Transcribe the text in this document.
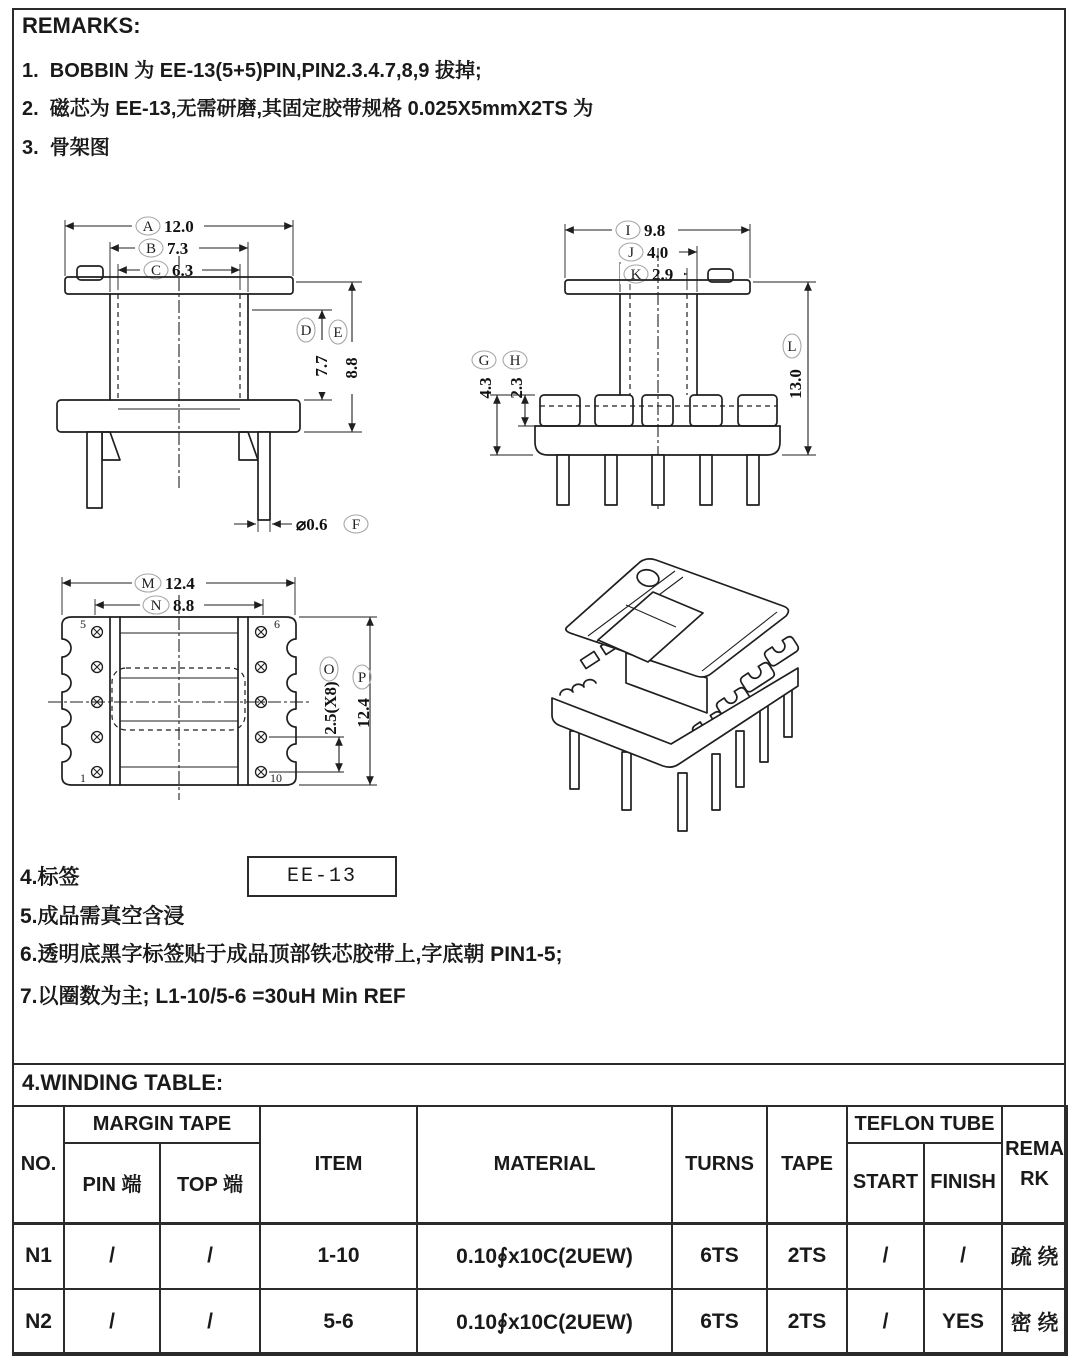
REMARKS:
1.  BOBBIN 为 EE-13(5+5)PIN,PIN2.3.4.7,8,9 拔掉;
2.  磁芯为 EE-13,无需研磨,其固定胶带规格 0.025X5mmX2TS 为
3.  骨架图
A 12.0
B 7.3
C 6.3
D
7.7
E
8.8
⌀0.6 F
I 9.8
J 4.0
K 2.9
G
4.3
H
2.3
L
13.0
M 12.4
N 8.8
5	6
1	10
O
2.5(X8)
P
12.4
4.标签	EE-13
5.成品需真空含浸
6.透明底黑字标签贴于成品顶部铁芯胶带上,字底朝 PIN1-5;
7.以圈数为主; L1-10/5-6 =30uH Min REF
4.WINDING TABLE:
NO.	MARGIN TAPE		ITEM	MATERIAL	TURNS	TAPE	TEFLON TUBE		REMARK
	PIN 端	TOP 端					START	FINISH	
N1	/	/	1-10	0.10∮x10C(2UEW)	6TS	2TS	/	/	疏 绕
N2	/	/	5-6	0.10∮x10C(2UEW)	6TS	2TS	/	YES	密 绕
